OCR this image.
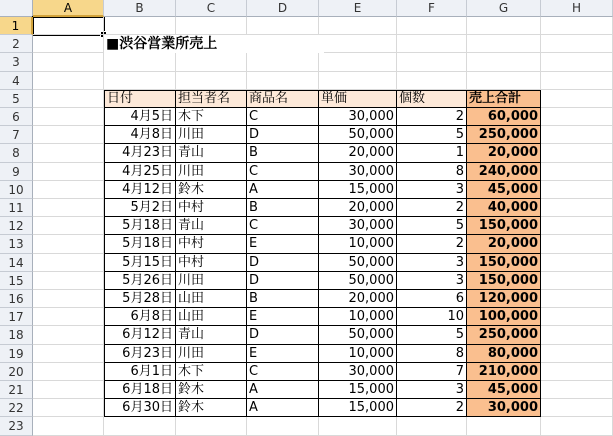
A	B	C	D	E	F	G	H
1
2
3
4
5
6
7
8
9
10
11
12
13
14
15
16
17
18
19
20
21
22
23
■渋谷営業所売上
日付	担当者名	商品名	単価	個数	売上合計
4月5日 木下	C	30,000	2	60,000
4月8日 川田	D	50,000	5	250,000
4月23日 青山	B	20,000	1	20,000
4月25日 川田	C	30,000	8	240,000
4月12日 鈴木	A	15,000	3	45,000
5月2日 中村	B	20,000	2	40,000
5月18日 青山	C	30,000	5	150,000
5月18日 中村	E	10,000	2	20,000
5月15日 中村	D	50,000	3	150,000
5月26日 川田	D	50,000	3	150,000
5月28日 山田	B	20,000	6	120,000
6月8日 山田	E	10,000	10	100,000
6月12日 青山	D	50,000	5	250,000
6月23日 川田	E	10,000	8	80,000
6月1日 木下	C	30,000	7	210,000
6月18日 鈴木	A	15,000	3	45,000
6月30日 鈴木	A	15,000	2	30,000
